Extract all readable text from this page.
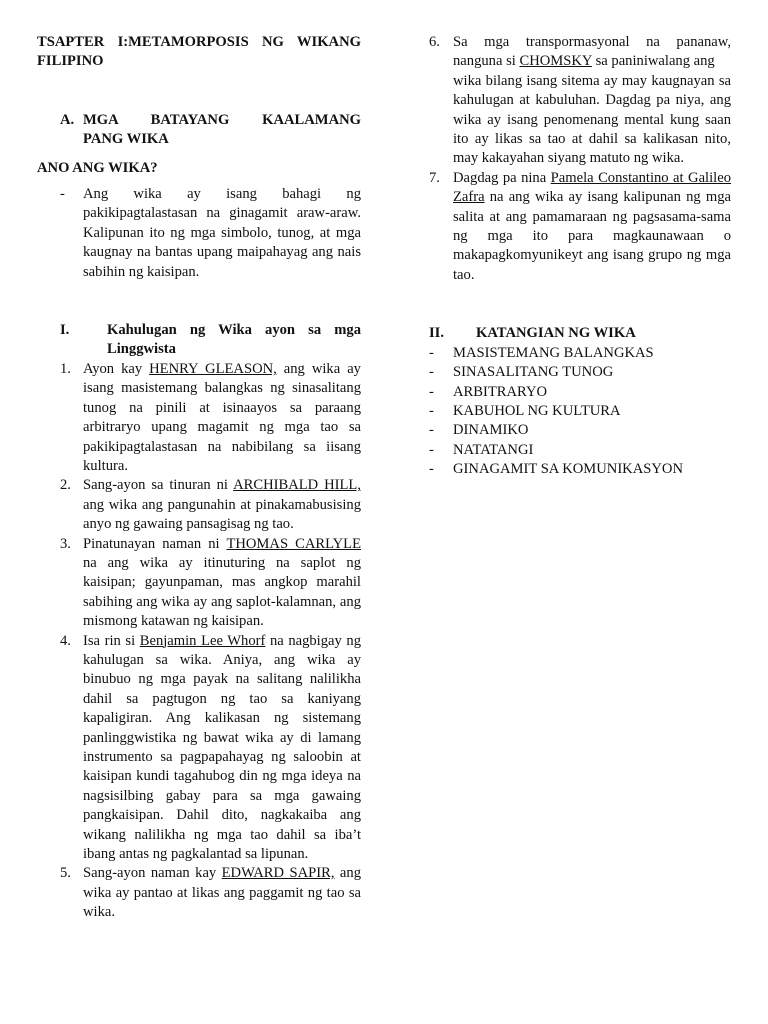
TSAPTER I:METAMORPOSIS NG WIKANG FILIPINO
A. MGA BATAYANG KAALAMANG
PANG WIKA
ANO ANG WIKA?
- Ang wika ay isang bahagi ng pakikipagtalastasan na ginagamit araw-araw. Kalipunan ito ng mga simbolo, tunog, at mga kaugnay na bantas upang maipahayag ang nais sabihin ng kaisipan.
I.	Kahulugan ng Wika ayon sa mga Linggwista
1. Ayon kay HENRY GLEASON, ang wika ay isang masistemang balangkas ng sinasalitang tunog na pinili at isinaayos sa paraang arbitraryo upang magamit ng mga tao sa pakikipagtalastasan na nabibilang sa iisang kultura.
2. Sang-ayon sa tinuran ni ARCHIBALD HILL, ang wika ang pangunahin at pinakamabusising anyo ng gawaing pansagisag ng tao.
3. Pinatunayan naman ni THOMAS CARLYLE na ang wika ay itinuturing na saplot ng kaisipan; gayunpaman, mas angkop marahil sabihing ang wika ay ang saplot-kalamnan, ang mismong katawan ng kaisipan.
4. Isa rin si Benjamin Lee Whorf na nagbigay ng kahulugan sa wika. Aniya, ang wika ay binubuo ng mga payak na salitang nalilikha dahil sa pagtugon ng tao sa kaniyang kapaligiran. Ang kalikasan ng sistemang panlinggwistika ng bawat wika ay di lamang instrumento sa pagpapahayag ng saloobin at kaisipan kundi tagahubog din ng mga ideya na nagsisilbing gabay para sa mga gawaing pangkaisipan. Dahil dito, nagkakaiba ang wikang nalilikha ng mga tao dahil sa iba’t ibang antas ng pagkalantad sa lipunan.
5. Sang-ayon naman kay EDWARD SAPIR, ang wika ay pantao at likas ang paggamit ng tao sa wika.
6. Sa mga transpormasyonal na pananaw, nanguna si CHOMSKY sa paniniwalang ang
wika bilang isang sitema ay may kaugnayan sa kahulugan at kabuluhan. Dagdag pa niya, ang wika ay isang penomenang mental kung saan ito ay likas sa tao at dahil sa kalikasan nito, may kakayahan siyang matuto ng wika.
7. Dagdag pa nina Pamela Constantino at Galileo Zafra na ang wika ay isang kalipunan ng mga salita at ang pamamaraan ng pagsasama-sama ng mga ito para magkaunawaan o makapagkomyunikeyt ang isang grupo ng mga tao.
II. KATANGIAN NG WIKA
- MASISTEMANG BALANGKAS
- SINASALITANG TUNOG
- ARBITRARYO
- KABUHOL NG KULTURA
- DINAMIKO
- NATATANGI
- GINAGAMIT SA KOMUNIKASYON
